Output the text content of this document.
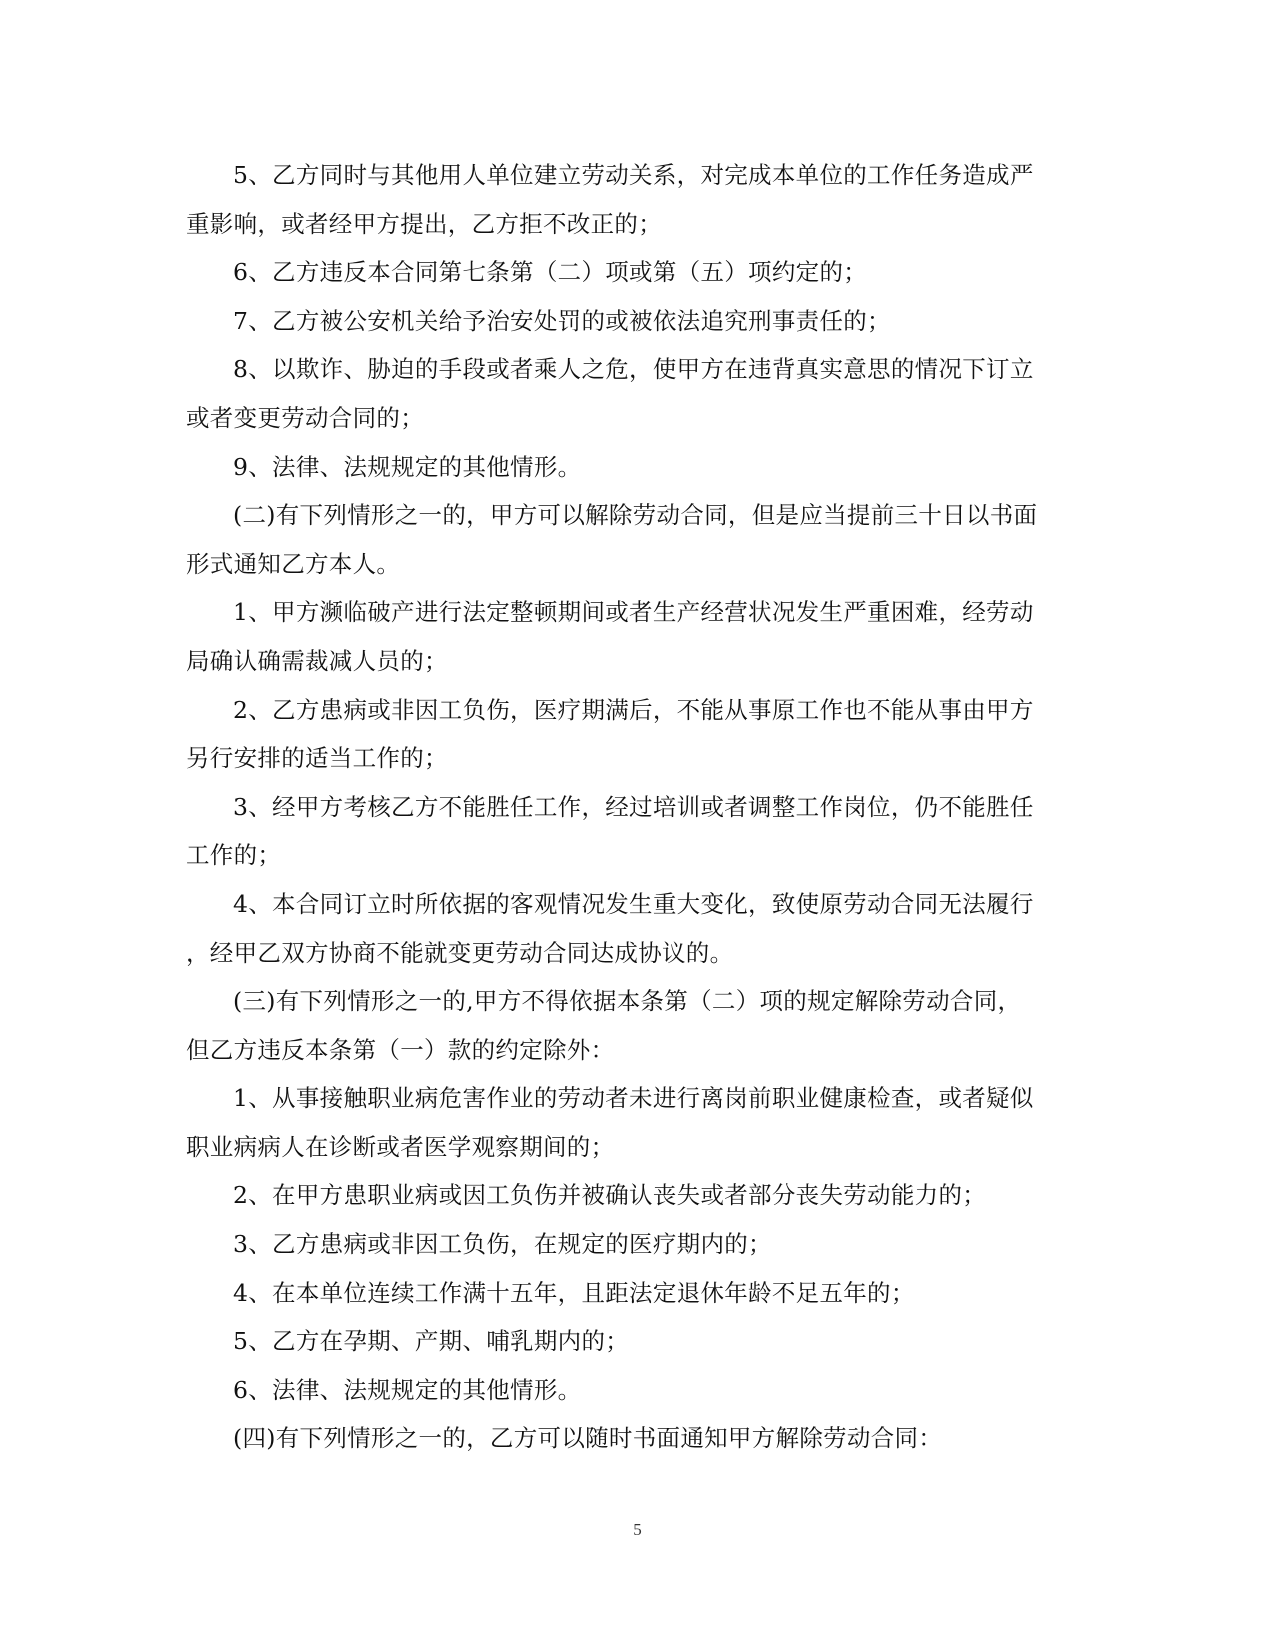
5、乙方同时与其他用人单位建立劳动关系，对完成本单位的工作任务造成严
重影响，或者经甲方提出，乙方拒不改正的；
6、乙方违反本合同第七条第（二）项或第（五）项约定的；
7、乙方被公安机关给予治安处罚的或被依法追究刑事责任的；
8、以欺诈、胁迫的手段或者乘人之危，使甲方在违背真实意思的情况下订立
或者变更劳动合同的；
9、法律、法规规定的其他情形。
(二)有下列情形之一的，甲方可以解除劳动合同，但是应当提前三十日以书面
形式通知乙方本人。
1、甲方濒临破产进行法定整顿期间或者生产经营状况发生严重困难，经劳动
局确认确需裁减人员的；
2、乙方患病或非因工负伤，医疗期满后，不能从事原工作也不能从事由甲方
另行安排的适当工作的；
3、经甲方考核乙方不能胜任工作，经过培训或者调整工作岗位，仍不能胜任
工作的；
4、本合同订立时所依据的客观情况发生重大变化，致使原劳动合同无法履行
，经甲乙双方协商不能就变更劳动合同达成协议的。
(三)有下列情形之一的,甲方不得依据本条第（二）项的规定解除劳动合同，
但乙方违反本条第（一）款的约定除外：
1、从事接触职业病危害作业的劳动者未进行离岗前职业健康检查，或者疑似
职业病病人在诊断或者医学观察期间的；
2、在甲方患职业病或因工负伤并被确认丧失或者部分丧失劳动能力的；
3、乙方患病或非因工负伤，在规定的医疗期内的；
4、在本单位连续工作满十五年，且距法定退休年龄不足五年的；
5、乙方在孕期、产期、哺乳期内的；
6、法律、法规规定的其他情形。
(四)有下列情形之一的，乙方可以随时书面通知甲方解除劳动合同：
5
